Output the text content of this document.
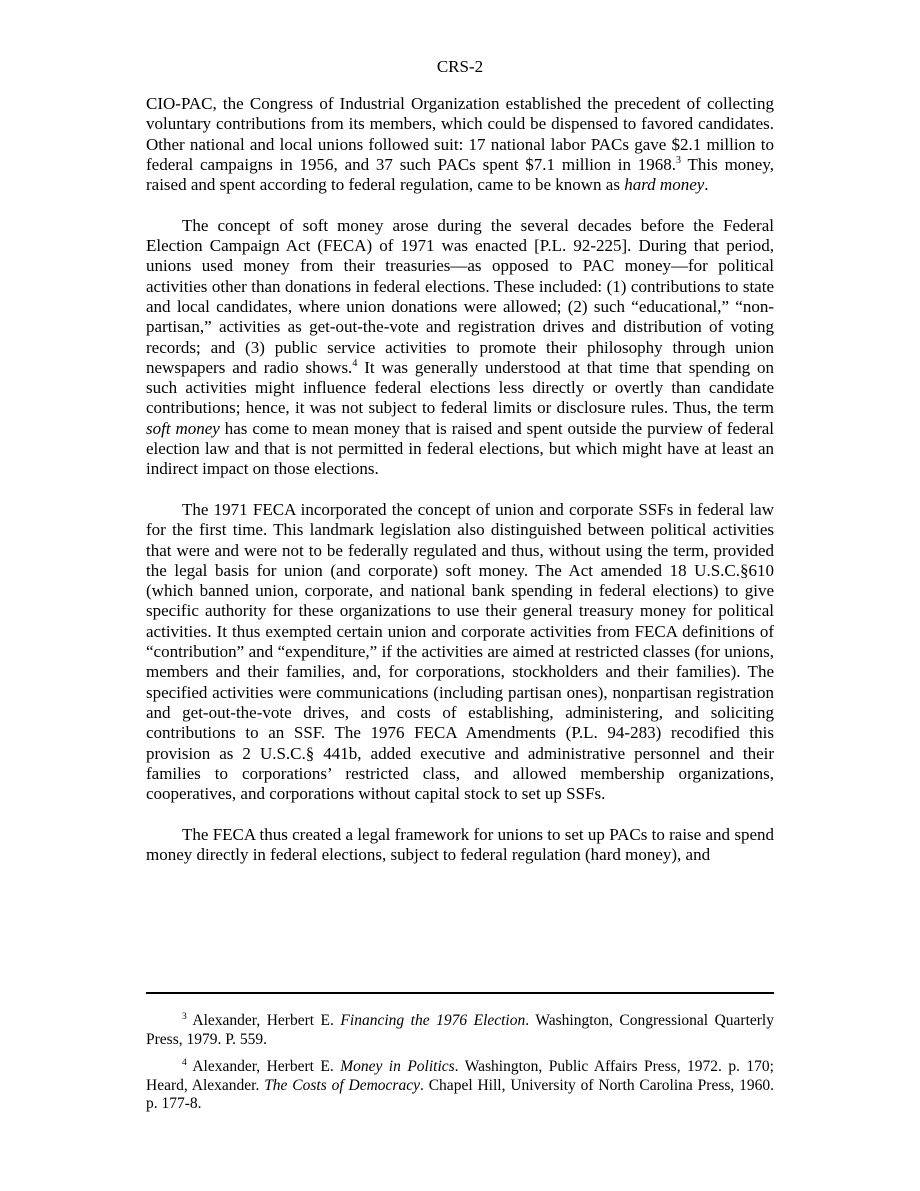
CRS-2

CIO-PAC, the Congress of Industrial Organization established the precedent of collecting voluntary contributions from its members, which could be dispensed to favored candidates. Other national and local unions followed suit: 17 national labor PACs gave $2.1 million to federal campaigns in 1956, and 37 such PACs spent $7.1 million in 1968.$^3$ This money, raised and spent according to federal regulation, came to be known as hard money.

The concept of soft money arose during the several decades before the Federal Election Campaign Act (FECA) of 1971 was enacted [P.L. 92-225]. During that period, unions used money from their treasuries—as opposed to PAC money—for political activities other than donations in federal elections. These included: (1) contributions to state and local candidates, where union donations were allowed; (2) such “educational,” “non-partisan,” activities as get-out-the-vote and registration drives and distribution of voting records; and (3) public service activities to promote their philosophy through union newspapers and radio shows.$^4$ It was generally understood at that time that spending on such activities might influence federal elections less directly or overtly than candidate contributions; hence, it was not subject to federal limits or disclosure rules. Thus, the term soft money has come to mean money that is raised and spent outside the purview of federal election law and that is not permitted in federal elections, but which might have at least an indirect impact on those elections.

The 1971 FECA incorporated the concept of union and corporate SSFs in federal law for the first time. This landmark legislation also distinguished between political activities that were and were not to be federally regulated and thus, without using the term, provided the legal basis for union (and corporate) soft money. The Act amended 18 U.S.C.§610 (which banned union, corporate, and national bank spending in federal elections) to give specific authority for these organizations to use their general treasury money for political activities. It thus exempted certain union and corporate activities from FECA definitions of “contribution” and “expenditure,” if the activities are aimed at restricted classes (for unions, members and their families, and, for corporations, stockholders and their families). The specified activities were communications (including partisan ones), nonpartisan registration and get-out-the-vote drives, and costs of establishing, administering, and soliciting contributions to an SSF. The 1976 FECA Amendments (P.L. 94-283) recodified this provision as 2 U.S.C.§ 441b, added executive and administrative personnel and their families to corporations’ restricted class, and allowed membership organizations, cooperatives, and corporations without capital stock to set up SSFs.

The FECA thus created a legal framework for unions to set up PACs to raise and spend money directly in federal elections, subject to federal regulation (hard money), and

$^3$ Alexander, Herbert E. Financing the 1976 Election. Washington, Congressional Quarterly Press, 1979. P. 559.

$^4$ Alexander, Herbert E. Money in Politics. Washington, Public Affairs Press, 1972. p. 170; Heard, Alexander. The Costs of Democracy. Chapel Hill, University of North Carolina Press, 1960. p. 177-8.
